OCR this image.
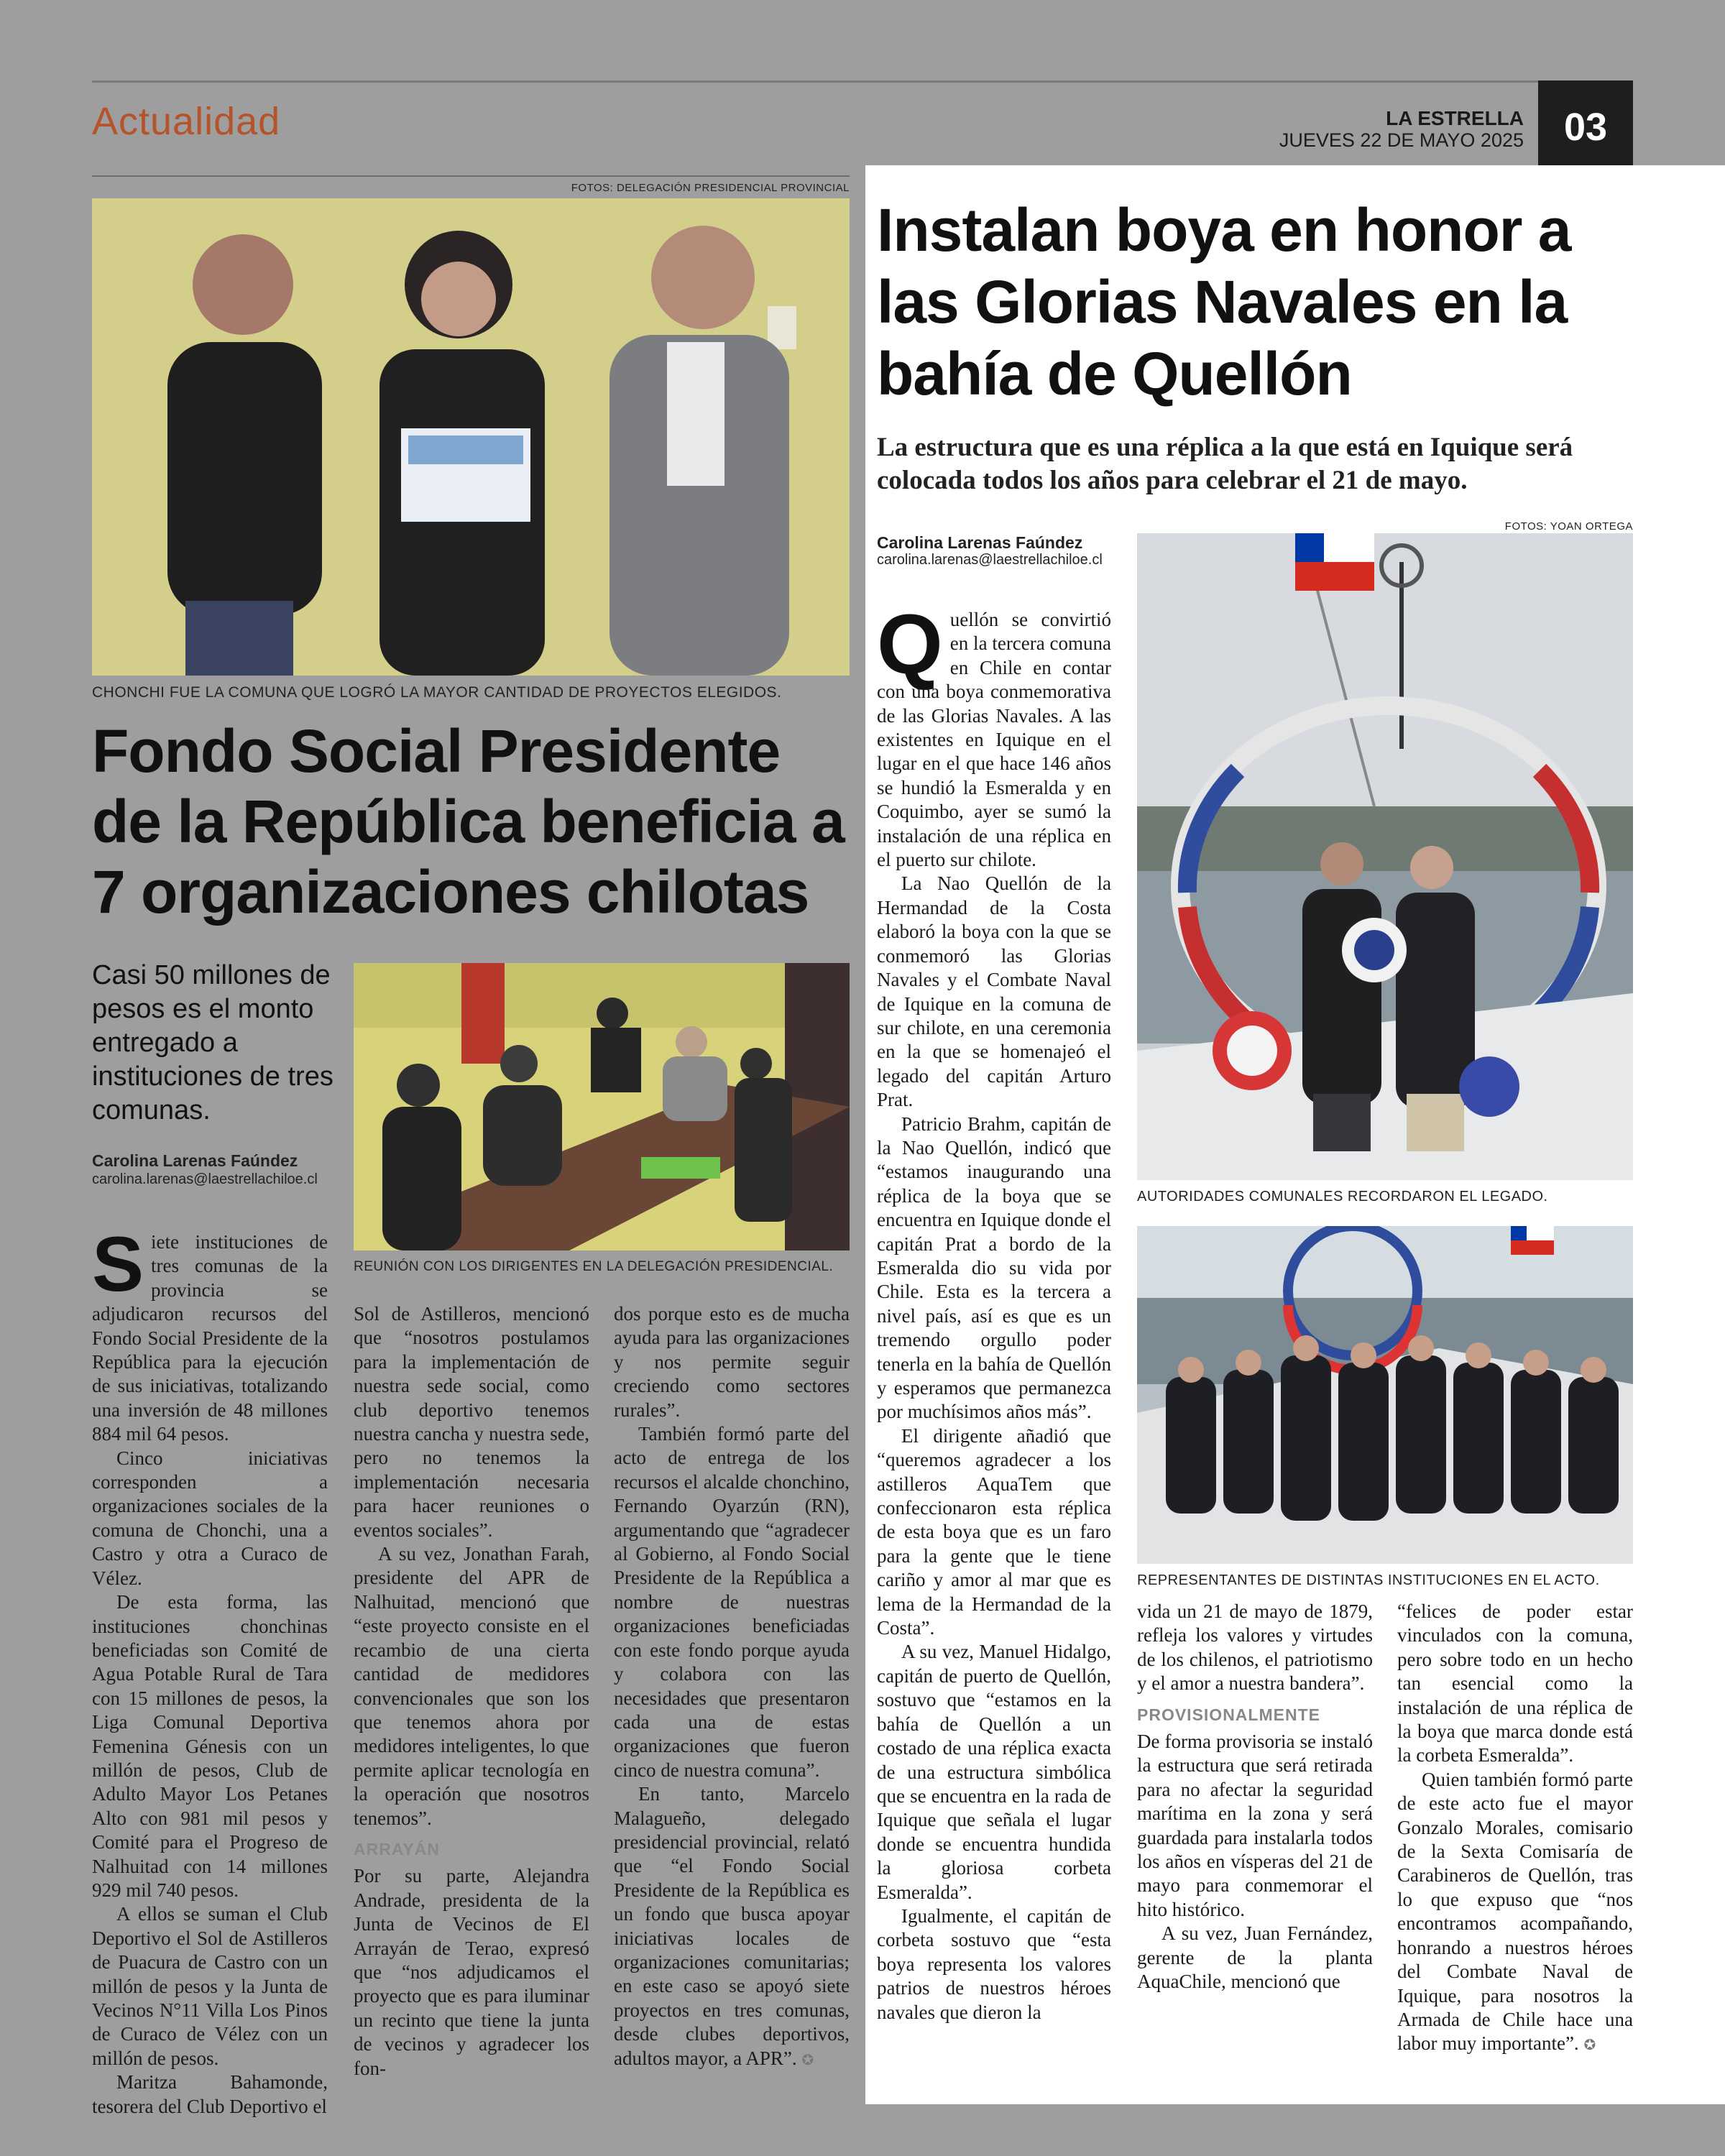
Actualidad	LA ESTRELLA
JUEVES 22 DE MAYO 2025	03
FOTOS: DELEGACIÓN PRESIDENCIAL PROVINCIAL
CHONCHI FUE LA COMUNA QUE LOGRÓ LA MAYOR CANTIDAD DE PROYECTOS ELEGIDOS.
Fondo Social Presidente de la República beneficia a 7 organizaciones chilotas
Casi 50 millones de pesos es el monto entregado a instituciones de tres comunas.
Carolina Larenas Faúndez
carolina.larenas@laestrellachiloe.cl
REUNIÓN CON LOS DIRIGENTES EN LA DELEGACIÓN PRESIDENCIAL.
S iete instituciones de tres comunas de la provincia se adjudicaron recursos del Fondo Social Presidente de la República para la ejecución de sus iniciativas, totalizando una inversión de 48 millones 884 mil 64 pesos.

Cinco iniciativas corresponden a organizaciones sociales de la comuna de Chonchi, una a Castro y otra a Curaco de Vélez.

De esta forma, las instituciones chonchinas beneficiadas son Comité de Agua Potable Rural de Tara con 15 millones de pesos, la Liga Comunal Deportiva Femenina Génesis con un millón de pesos, Club de Adulto Mayor Los Petanes Alto con 981 mil pesos y Comité para el Progreso de Nalhuitad con 14 millones 929 mil 740 pesos.

A ellos se suman el Club Deportivo el Sol de Astilleros de Puacura de Castro con un millón de pesos y la Junta de Vecinos N°11 Villa Los Pinos de Curaco de Vélez con un millón de pesos.

Maritza Bahamonde, tesorera del Club Deportivo el

Sol de Astilleros, mencionó que “nosotros postulamos para la implementación de nuestra sede social, como club deportivo tenemos nuestra cancha y nuestra sede, pero no tenemos la implementación necesaria para hacer reuniones o eventos sociales”.

A su vez, Jonathan Farah, presidente del APR de Nalhuitad, mencionó que “este proyecto consiste en el recambio de una cierta cantidad de medidores convencionales que son los que tenemos ahora por medidores inteligentes, lo que permite aplicar tecnología en la operación que nosotros tenemos”.

ARRAYÁN

Por su parte, Alejandra Andrade, presidenta de la Junta de Vecinos de El Arrayán de Terao, expresó que “nos adjudicamos el proyecto que es para iluminar un recinto que tiene la junta de vecinos y agradecer los fon-

dos porque esto es de mucha ayuda para las organizaciones y nos permite seguir creciendo como sectores rurales”.

También formó parte del acto de entrega de los recursos el alcalde chonchino, Fernando Oyarzún (RN), argumentando que “agradecer al Gobierno, al Fondo Social Presidente de la República a nombre de nuestras organizaciones beneficiadas con este fondo porque ayuda y colabora con las necesidades que presentaron cada una de estas organizaciones que fueron cinco de nuestra comuna”.

En tanto, Marcelo Malagueño, delegado presidencial provincial, relató que “el Fondo Social Presidente de la República es un fondo que busca apoyar iniciativas locales de organizaciones comunitarias; en este caso se apoyó siete proyectos en tres comunas, desde clubes deportivos, adultos mayor, a APR”. ✪

Instalan boya en honor a las Glorias Navales en la bahía de Quellón
La estructura que es una réplica a la que está en Iquique será colocada todos los años para celebrar el 21 de mayo.
Carolina Larenas Faúndez
carolina.larenas@laestrellachiloe.cl
FOTOS: YOAN ORTEGA
AUTORIDADES COMUNALES RECORDARON EL LEGADO.
REPRESENTANTES DE DISTINTAS INSTITUCIONES EN EL ACTO.
Q uellón se convirtió en la tercera comuna en Chile en contar con una boya conmemorativa de las Glorias Navales. A las existentes en Iquique en el lugar en el que hace 146 años se hundió la Esmeralda y en Coquimbo, ayer se sumó la instalación de una réplica en el puerto sur chilote.

La Nao Quellón de la Hermandad de la Costa elaboró la boya con la que se conmemoró las Glorias Navales y el Combate Naval de Iquique en la comuna de sur chilote, en una ceremonia en la que se homenajeó el legado del capitán Arturo Prat.

Patricio Brahm, capitán de la Nao Quellón, indicó que “estamos inaugurando una réplica de la boya que se encuentra en Iquique donde el capitán Prat a bordo de la Esmeralda dio su vida por Chile. Esta es la tercera a nivel país, así es que es un tremendo orgullo poder tenerla en la bahía de Quellón y esperamos que permanezca por muchísimos años más”.

El dirigente añadió que “queremos agradecer a los astilleros AquaTem que confeccionaron esta réplica de esta boya que es un faro para la gente que le tiene cariño y amor al mar que es lema de la Hermandad de la Costa”.

A su vez, Manuel Hidalgo, capitán de puerto de Quellón, sostuvo que “estamos en la bahía de Quellón a un costado de una réplica exacta de una estructura simbólica que se encuentra en la rada de Iquique que señala el lugar donde se encuentra hundida la gloriosa corbeta Esmeralda”.

Igualmente, el capitán de corbeta sostuvo que “esta boya representa los valores patrios de nuestros héroes navales que dieron la

vida un 21 de mayo de 1879, refleja los valores y virtudes de los chilenos, el patriotismo y el amor a nuestra bandera”.

PROVISIONALMENTE

De forma provisoria se instaló la estructura que será retirada para no afectar la seguridad marítima en la zona y será guardada para instalarla todos los años en vísperas del 21 de mayo para conmemorar el hito histórico.

A su vez, Juan Fernández, gerente de la planta AquaChile, mencionó que

“felices de poder estar vinculados con la comuna, pero sobre todo en un hecho tan esencial como la instalación de una réplica de la boya que marca donde está la corbeta Esmeralda”.

Quien también formó parte de este acto fue el mayor Gonzalo Morales, comisario de la Sexta Comisaría de Carabineros de Quellón, tras lo que expuso que “nos encontramos acompañando, honrando a nuestros héroes del Combate Naval de Iquique, para nosotros la Armada de Chile hace una labor muy importante”. ✪
